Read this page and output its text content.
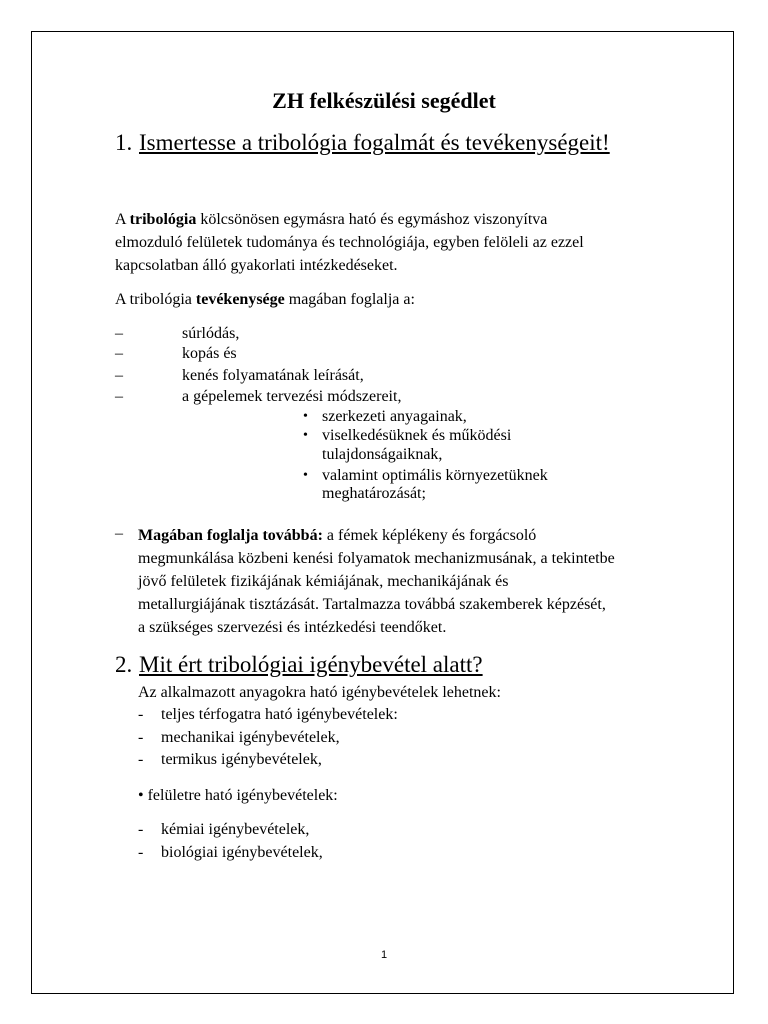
ZH felkészülési segédlet
1. Ismertesse a tribológia fogalmát és tevékenységeit!
A tribológia kölcsönösen egymásra ható és egymáshoz viszonyítva
elmozduló felületek tudománya és technológiája, egyben felöleli az ezzel
kapcsolatban álló gyakorlati intézkedéseket.
A tribológia tevékenysége magában foglalja a:
–	súrlódás,
–	kopás és
–	kenés folyamatának leírását,
–	a gépelemek tervezési módszereit,
• szerkezeti anyagainak,
• viselkedésüknek és működési
tulajdonságaiknak,
• valamint optimális környezetüknek
meghatározását;
– Magában foglalja továbbá: a fémek képlékeny és forgácsoló
megmunkálása közbeni kenési folyamatok mechanizmusának, a tekintetbe
jövő felületek fizikájának kémiájának, mechanikájának és
metallurgiájának tisztázását. Tartalmazza továbbá szakemberek képzését,
a szükséges szervezési és intézkedési teendőket.
2. Mit ért tribológiai igénybevétel alatt?
Az alkalmazott anyagokra ható igénybevételek lehetnek:
- teljes térfogatra ható igénybevételek:
- mechanikai igénybevételek,
- termikus igénybevételek,
• felületre ható igénybevételek:
- kémiai igénybevételek,
- biológiai igénybevételek,
1
